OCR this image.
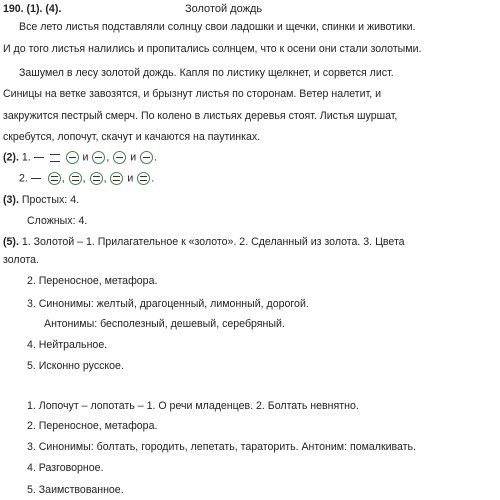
190. (1). (4).	Золотой дождь
Все лето листья подставляли солнцу свои ладошки и щечки, спинки и животики.
И до того листья налились и пропитались солнцем, что к осени они стали золотыми.
Зашумел в лесу золотой дождь. Капля по листику щелкнет, и сорвется лист.
Синицы на ветке завозятся, и брызнут листья по сторонам. Ветер налетит, и
закружится пестрый смерч. По колено в листьях деревья стоят. Листья шуршат,
скребутся, лопочут, скачут и качаются на паутинках.
(2). 1.	и , и .
2.	, , , и .
(3). Простых: 4.
Сложных: 4.
(5). 1. Золотой – 1. Прилагательное к «золото». 2. Сделанный из золота. 3. Цвета
золота.
2. Переносное, метафора.
3. Синонимы: желтый, драгоценный, лимонный, дорогой.
Антонимы: бесполезный, дешевый, серебряный.
4. Нейтральное.
5. Исконно русское.
1. Лопочут – лопотать – 1. О речи младенцев. 2. Болтать невнятно.
2. Переносное, метафора.
3. Синонимы: болтать, городить, лепетать, тараторить. Антоним: помалкивать.
4. Разговорное.
5. Заимствованное.
